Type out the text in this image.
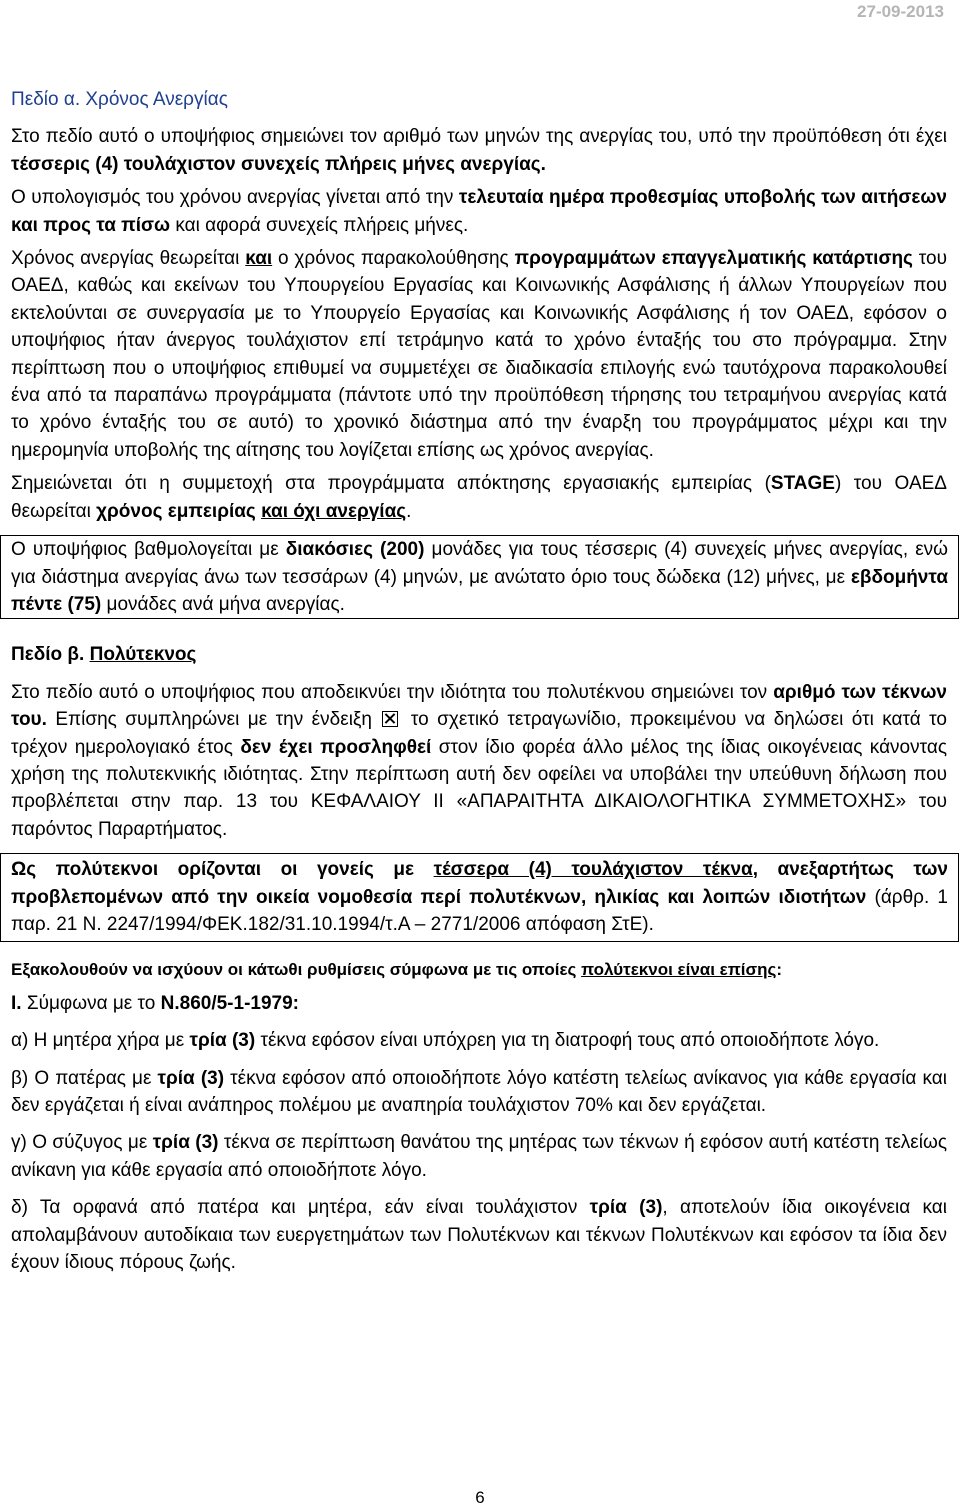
27-09-2013

Πεδίο α. Χρόνος Ανεργίας

Στο πεδίο αυτό ο υποψήφιος σημειώνει τον αριθμό των μηνών της ανεργίας του, υπό την προϋπόθεση ότι έχει τέσσερις (4) τουλάχιστον συνεχείς πλήρεις μήνες ανεργίας.

Ο υπολογισμός του χρόνου ανεργίας γίνεται από την τελευταία ημέρα προθεσμίας υποβολής των αιτήσεων και προς τα πίσω και αφορά συνεχείς πλήρεις μήνες.

Χρόνος ανεργίας θεωρείται και ο χρόνος παρακολούθησης προγραμμάτων επαγγελματικής κατάρτισης του ΟΑΕΔ, καθώς και εκείνων του Υπουργείου Εργασίας και Κοινωνικής Ασφάλισης ή άλλων Υπουργείων που εκτελούνται σε συνεργασία με το Υπουργείο Εργασίας και Κοινωνικής Ασφάλισης ή τον ΟΑΕΔ, εφόσον ο υποψήφιος ήταν άνεργος τουλάχιστον επί τετράμηνο κατά το χρόνο ένταξής του στο πρόγραμμα. Στην περίπτωση που ο υποψήφιος επιθυμεί να συμμετέχει σε διαδικασία επιλογής ενώ ταυτόχρονα παρακολουθεί ένα από τα παραπάνω προγράμματα (πάντοτε υπό την προϋπόθεση τήρησης του τετραμήνου ανεργίας κατά το χρόνο ένταξής του σε αυτό) το χρονικό διάστημα από την έναρξη του προγράμματος μέχρι και την ημερομηνία υποβολής της αίτησης του λογίζεται επίσης ως χρόνος ανεργίας.

Σημειώνεται ότι η συμμετοχή στα προγράμματα απόκτησης εργασιακής εμπειρίας (STAGE) του ΟΑΕΔ θεωρείται χρόνος εμπειρίας και όχι ανεργίας.

Ο υποψήφιος βαθμολογείται με διακόσιες (200) μονάδες για τους τέσσερις (4) συνεχείς μήνες ανεργίας, ενώ για διάστημα ανεργίας άνω των τεσσάρων (4) μηνών, με ανώτατο όριο τους δώδεκα (12) μήνες, με εβδομήντα πέντε (75) μονάδες ανά μήνα ανεργίας.

Πεδίο β. Πολύτεκνος

Στο πεδίο αυτό ο υποψήφιος που αποδεικνύει την ιδιότητα του πολυτέκνου σημειώνει τον αριθμό των τέκνων του. Επίσης συμπληρώνει με την ένδειξη  το σχετικό τετραγωνίδιο, προκειμένου να δηλώσει ότι κατά το τρέχον ημερολογιακό έτος δεν έχει προσληφθεί στον ίδιο φορέα άλλο μέλος της ίδιας οικογένειας κάνοντας χρήση της πολυτεκνικής ιδιότητας. Στην περίπτωση αυτή δεν οφείλει να υποβάλει την υπεύθυνη δήλωση που προβλέπεται στην παρ. 13 του ΚΕΦΑΛΑΙΟΥ ΙΙ «ΑΠΑΡΑΙΤΗΤΑ ΔΙΚΑΙΟΛΟΓΗΤΙΚΑ ΣΥΜΜΕΤΟΧΗΣ» του παρόντος Παραρτήματος.

Ως πολύτεκνοι ορίζονται οι γονείς με τέσσερα (4) τουλάχιστον τέκνα, ανεξαρτήτως των προβλεπομένων από την οικεία νομοθεσία περί πολυτέκνων, ηλικίας και λοιπών ιδιοτήτων (άρθρ. 1 παρ. 21 Ν. 2247/1994/ΦΕΚ.182/31.10.1994/τ.Α – 2771/2006 απόφαση ΣτΕ).

Εξακολουθούν να ισχύουν οι κάτωθι ρυθμίσεις σύμφωνα με τις οποίες πολύτεκνοι είναι επίσης:

Ι. Σύμφωνα με το Ν.860/5-1-1979:

α) Η μητέρα χήρα με τρία (3) τέκνα εφόσον είναι υπόχρεη για τη διατροφή τους από οποιοδήποτε λόγο.

β) Ο πατέρας με τρία (3) τέκνα εφόσον από οποιοδήποτε λόγο κατέστη τελείως ανίκανος για κάθε εργασία και δεν εργάζεται ή είναι ανάπηρος πολέμου με αναπηρία τουλάχιστον 70% και δεν εργάζεται.

γ) Ο σύζυγος με τρία (3) τέκνα σε περίπτωση θανάτου της μητέρας των τέκνων ή εφόσον αυτή κατέστη τελείως ανίκανη για κάθε εργασία από οποιοδήποτε λόγο.

δ) Τα ορφανά από πατέρα και μητέρα, εάν είναι τουλάχιστον τρία (3), αποτελούν ίδια οικογένεια και απολαμβάνουν αυτοδίκαια των ευεργετημάτων των Πολυτέκνων και τέκνων Πολυτέκνων και εφόσον τα ίδια δεν έχουν ίδιους πόρους ζωής.

6
